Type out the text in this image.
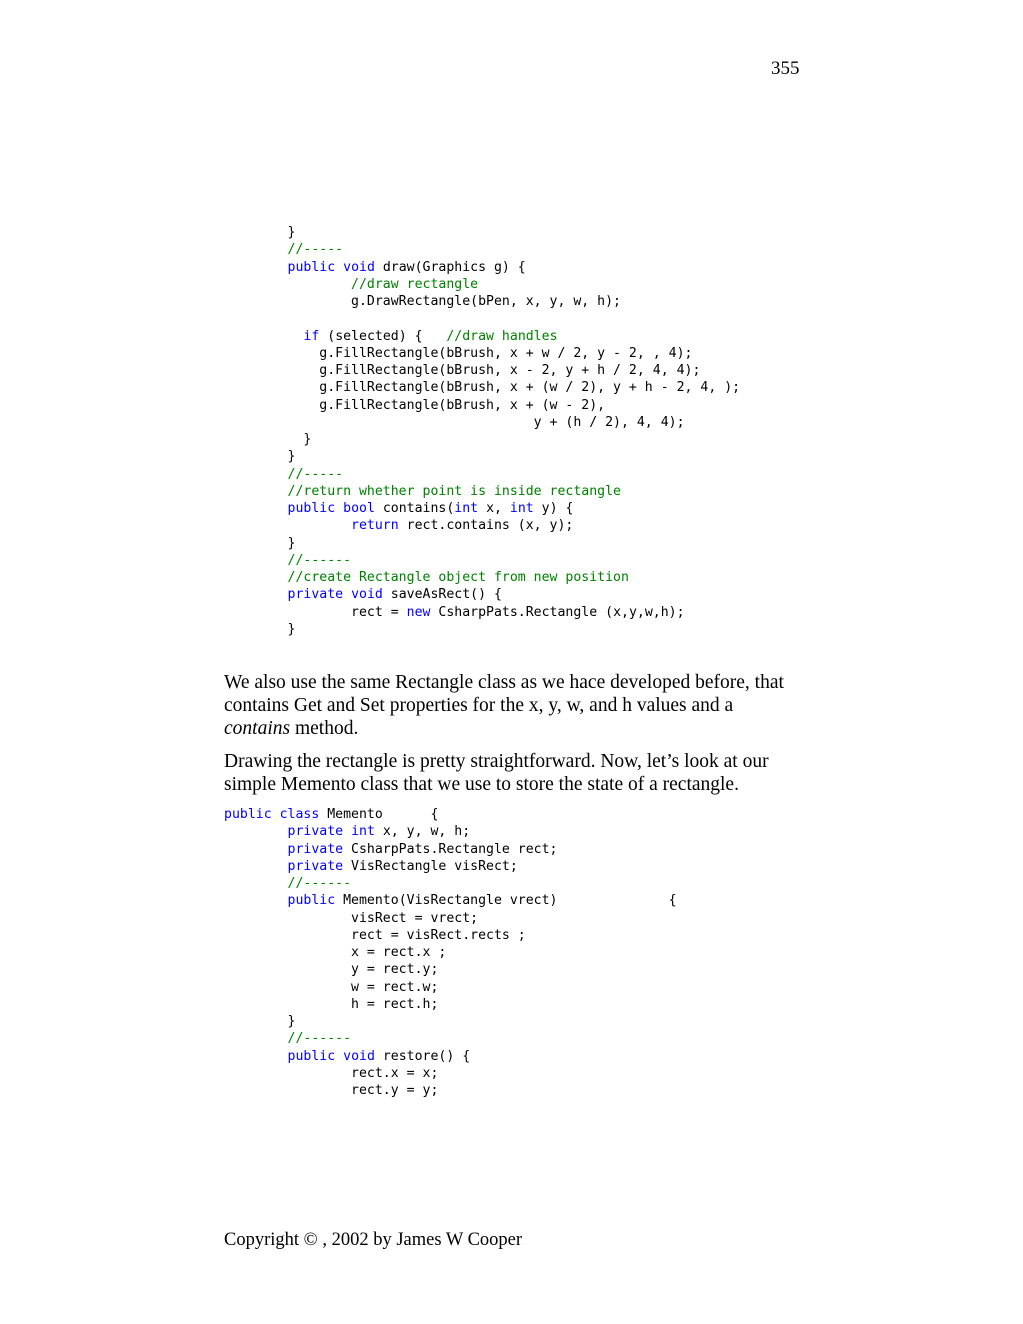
355
	}
	//-----
	public void draw(Graphics g) {
		//draw rectangle
		g.DrawRectangle(bPen, x, y, w, h);
	if (selected) {   //draw handles
	g.FillRectangle(bBrush, x + w / 2, y - 2, , 4);
	g.FillRectangle(bBrush, x - 2, y + h / 2, 4, 4);
	g.FillRectangle(bBrush, x + (w / 2), y + h - 2, 4, );
	g.FillRectangle(bBrush, x + (w - 2),
				y + (h / 2), 4, 4);
	}
	}
	//-----
	//return whether point is inside rectangle
	public bool contains(int x, int y) {
		return rect.contains (x, y);
	}
	//------
	//create Rectangle object from new position
	private void saveAsRect() {
		rect = new CsharpPats.Rectangle (x,y,w,h);
	}

We also use the same Rectangle class as we hace developed before, that contains Get and Set properties for the x, y, w, and h values and a contains method.

Drawing the rectangle is pretty straightforward. Now, let’s look at our simple Memento class that we use to store the state of a rectangle.

public class Memento	{
	private int x, y, w, h;
	private CsharpPats.Rectangle rect;
	private VisRectangle visRect;
	//------
	public Memento(VisRectangle vrect)		{
		visRect = vrect;
		rect = visRect.rects ;
		x = rect.x ;
		y = rect.y;
		w = rect.w;
		h = rect.h;
	}
	//------
	public void restore() {
		rect.x = x;
		rect.y = y;
Copyright © , 2002 by James W Cooper
